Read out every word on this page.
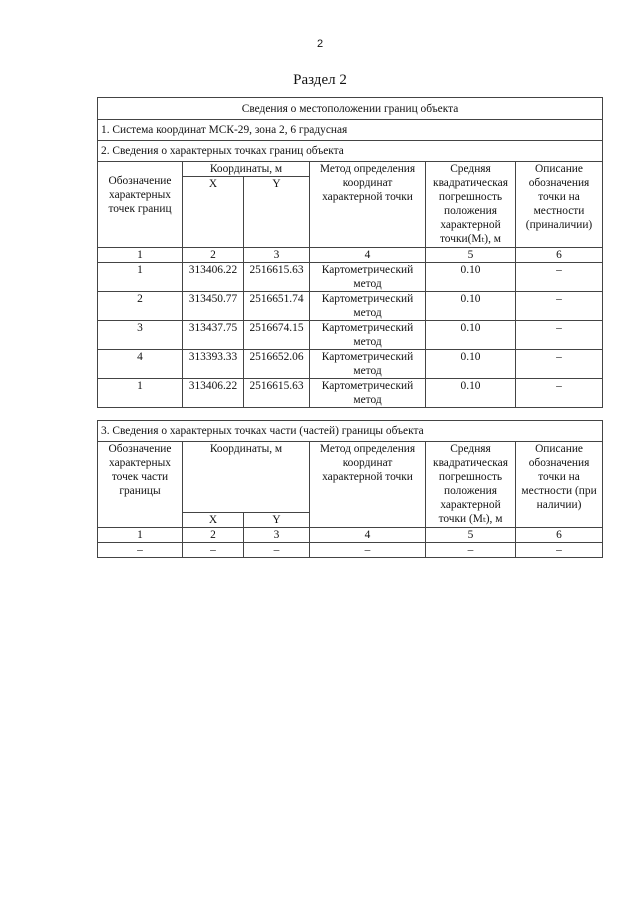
2
Раздел 2
Сведения о местоположении границ объекта					
1. Система координат МСК-29, зона 2, 6 градусная					
2. Сведения о характерных точках границ объекта					
Обозначение характерных точек границ	Координаты, м		Метод определения координат характерной точки	Средняя квадратическая погрешность положения характерной точки(Mₜ), м	Описание обозначения точки на местности (приналичии)
	X	Y			
1	2	3	4	5	6
1	313406.22	2516615.63	Картометрический метод	0.10	–
2	313450.77	2516651.74	Картометрический метод	0.10	–
3	313437.75	2516674.15	Картометрический метод	0.10	–
4	313393.33	2516652.06	Картометрический метод	0.10	–
1	313406.22	2516615.63	Картометрический метод	0.10	–
3. Сведения о характерных точках части (частей) границы объекта					
Обозначение характерных точек части границы	Координаты, м		Метод определения координат характерной точки	Средняя квадратическая погрешность положения характерной точки (Mₜ), м	Описание обозначения точки на местности (при наличии)
	X	Y			
1	2	3	4	5	6
–	–	–	–	–	–
